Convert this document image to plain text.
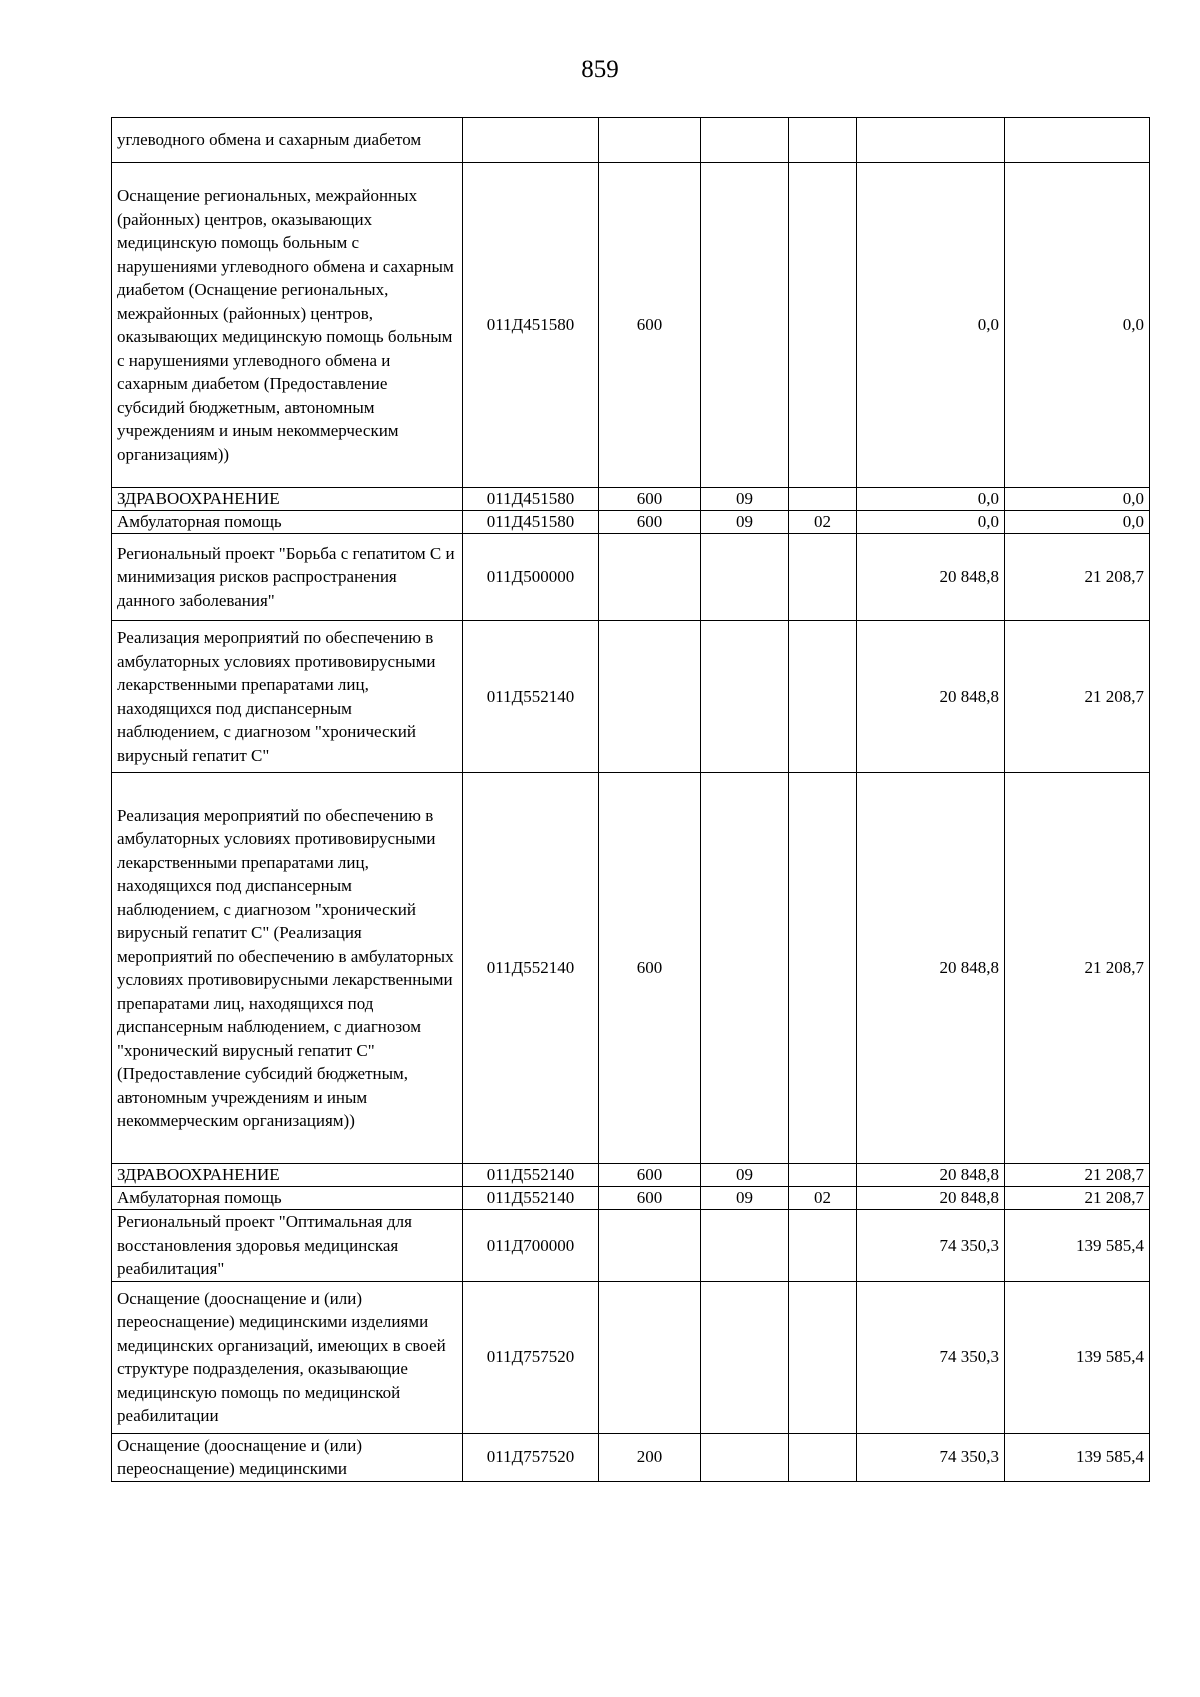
859
углеводного обмена и сахарным диабетом						
Оснащение региональных, межрайонных (районных) центров, оказывающих медицинскую помощь больным с нарушениями углеводного обмена и сахарным диабетом (Оснащение региональных, межрайонных (районных) центров, оказывающих медицинскую помощь больным с нарушениями углеводного обмена и сахарным диабетом (Предоставление субсидий бюджетным, автономным учреждениям и иным некоммерческим организациям))	011Д451580	600			0,0	0,0
ЗДРАВООХРАНЕНИЕ	011Д451580	600	09		0,0	0,0
Амбулаторная помощь	011Д451580	600	09	02	0,0	0,0
Региональный проект "Борьба с гепатитом С и минимизация рисков распространения данного заболевания"	011Д500000				20 848,8	21 208,7
Реализация мероприятий по обеспечению в амбулаторных условиях противовирусными лекарственными препаратами лиц, находящихся под диспансерным наблюдением, с диагнозом "хронический вирусный гепатит С"	011Д552140				20 848,8	21 208,7
Реализация мероприятий по обеспечению в амбулаторных условиях противовирусными лекарственными препаратами лиц, находящихся под диспансерным наблюдением, с диагнозом "хронический вирусный гепатит С" (Реализация мероприятий по обеспечению в амбулаторных условиях противовирусными лекарственными препаратами лиц, находящихся под диспансерным наблюдением, с диагнозом "хронический вирусный гепатит С" (Предоставление субсидий бюджетным, автономным учреждениям и иным некоммерческим организациям))	011Д552140	600			20 848,8	21 208,7
ЗДРАВООХРАНЕНИЕ	011Д552140	600	09		20 848,8	21 208,7
Амбулаторная помощь	011Д552140	600	09	02	20 848,8	21 208,7
Региональный проект "Оптимальная для восстановления здоровья медицинская реабилитация"	011Д700000				74 350,3	139 585,4
Оснащение (дооснащение и (или) переоснащение) медицинскими изделиями медицинских организаций, имеющих в своей структуре подразделения, оказывающие медицинскую помощь по медицинской реабилитации	011Д757520				74 350,3	139 585,4
Оснащение (дооснащение и (или) переоснащение) медицинскими	011Д757520	200			74 350,3	139 585,4
